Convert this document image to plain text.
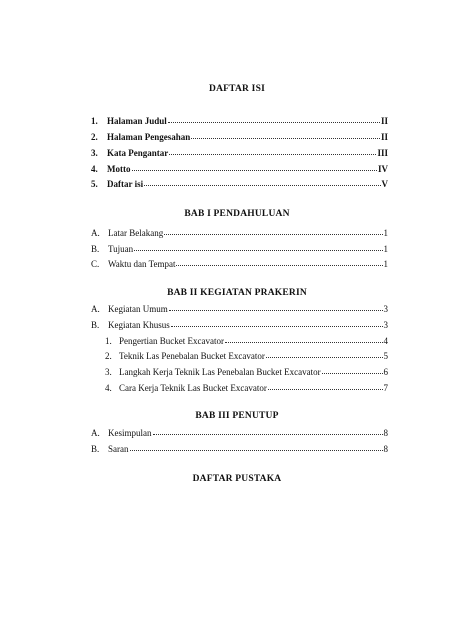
DAFTAR ISI
1.	Halaman Judul	II
2.	Halaman Pengesahan	II
3.	Kata Pengantar	III
4.	Motto	IV
5.	Daftar isi	V
BAB I PENDAHULUAN
A. Latar Belakang	1
B. Tujuan	1
C. Waktu dan Tempat	1
BAB II KEGIATAN PRAKERIN
A. Kegiatan Umum	3
B. Kegiatan Khusus	3
1. Pengertian Bucket Excavator	4
2. Teknik Las Penebalan Bucket Excavator	5
3. Langkah Kerja Teknik Las Penebalan Bucket Excavator	6
4. Cara Kerja Teknik Las Bucket Excavator	7
BAB III PENUTUP
A. Kesimpulan	8
B. Saran	8
DAFTAR PUSTAKA
